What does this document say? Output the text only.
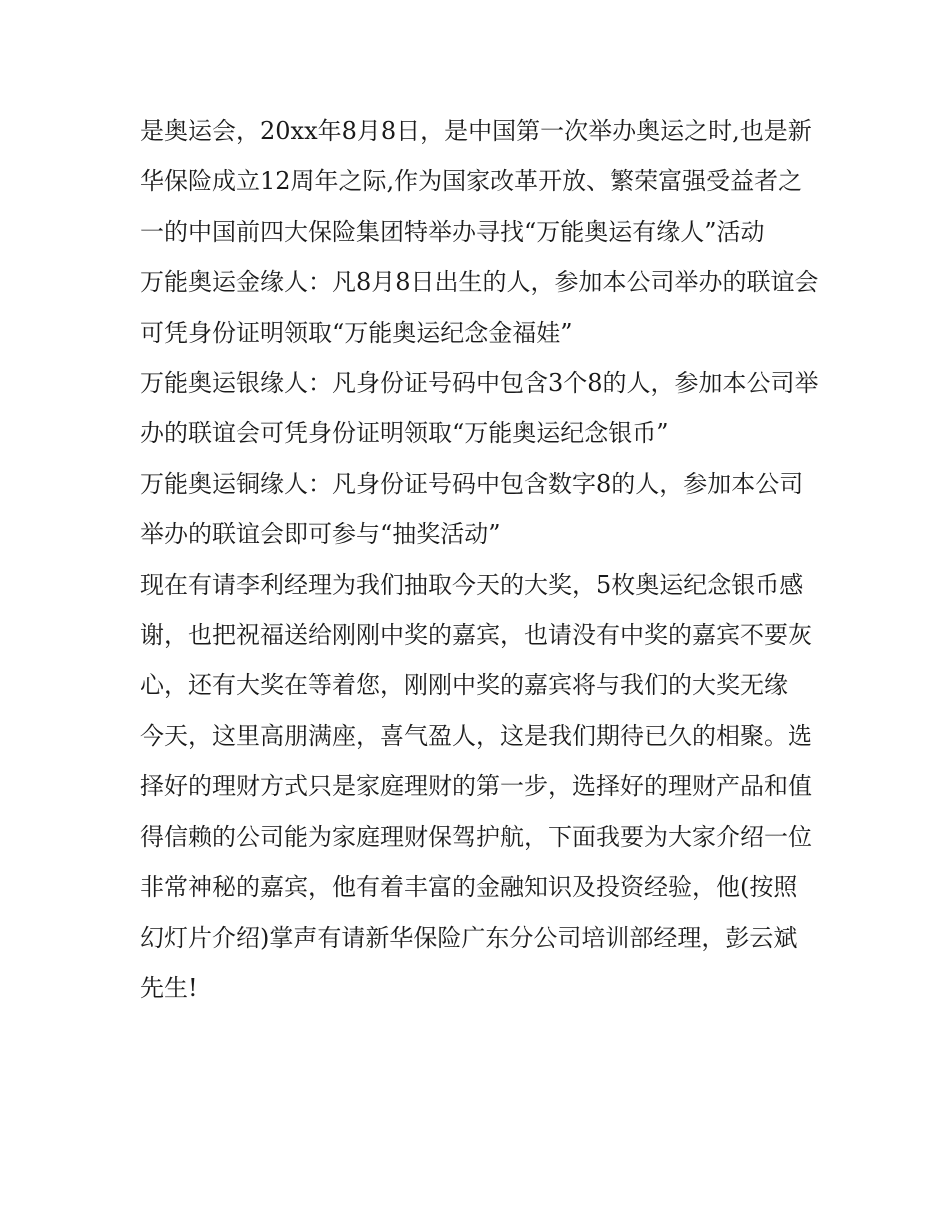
是奥运会，20xx年8月8日，是中国第一次举办奥运之时,也是新华保险成立12周年之际,作为国家改革开放、繁荣富强受益者之一的中国前四大保险集团特举办寻找“万能奥运有缘人”活动

万能奥运金缘人：凡8月8日出生的人，参加本公司举办的联谊会可凭身份证明领取“万能奥运纪念金福娃”

万能奥运银缘人：凡身份证号码中包含3个8的人，参加本公司举办的联谊会可凭身份证明领取“万能奥运纪念银币”

万能奥运铜缘人：凡身份证号码中包含数字8的人，参加本公司举办的联谊会即可参与“抽奖活动”

现在有请李利经理为我们抽取今天的大奖，5枚奥运纪念银币感谢，也把祝福送给刚刚中奖的嘉宾，也请没有中奖的嘉宾不要灰心，还有大奖在等着您，刚刚中奖的嘉宾将与我们的大奖无缘

今天，这里高朋满座，喜气盈人，这是我们期待已久的相聚。选择好的理财方式只是家庭理财的第一步，选择好的理财产品和值得信赖的公司能为家庭理财保驾护航，下面我要为大家介绍一位非常神秘的嘉宾，他有着丰富的金融知识及投资经验，他(按照幻灯片介绍)掌声有请新华保险广东分公司培训部经理，彭云斌先生!
